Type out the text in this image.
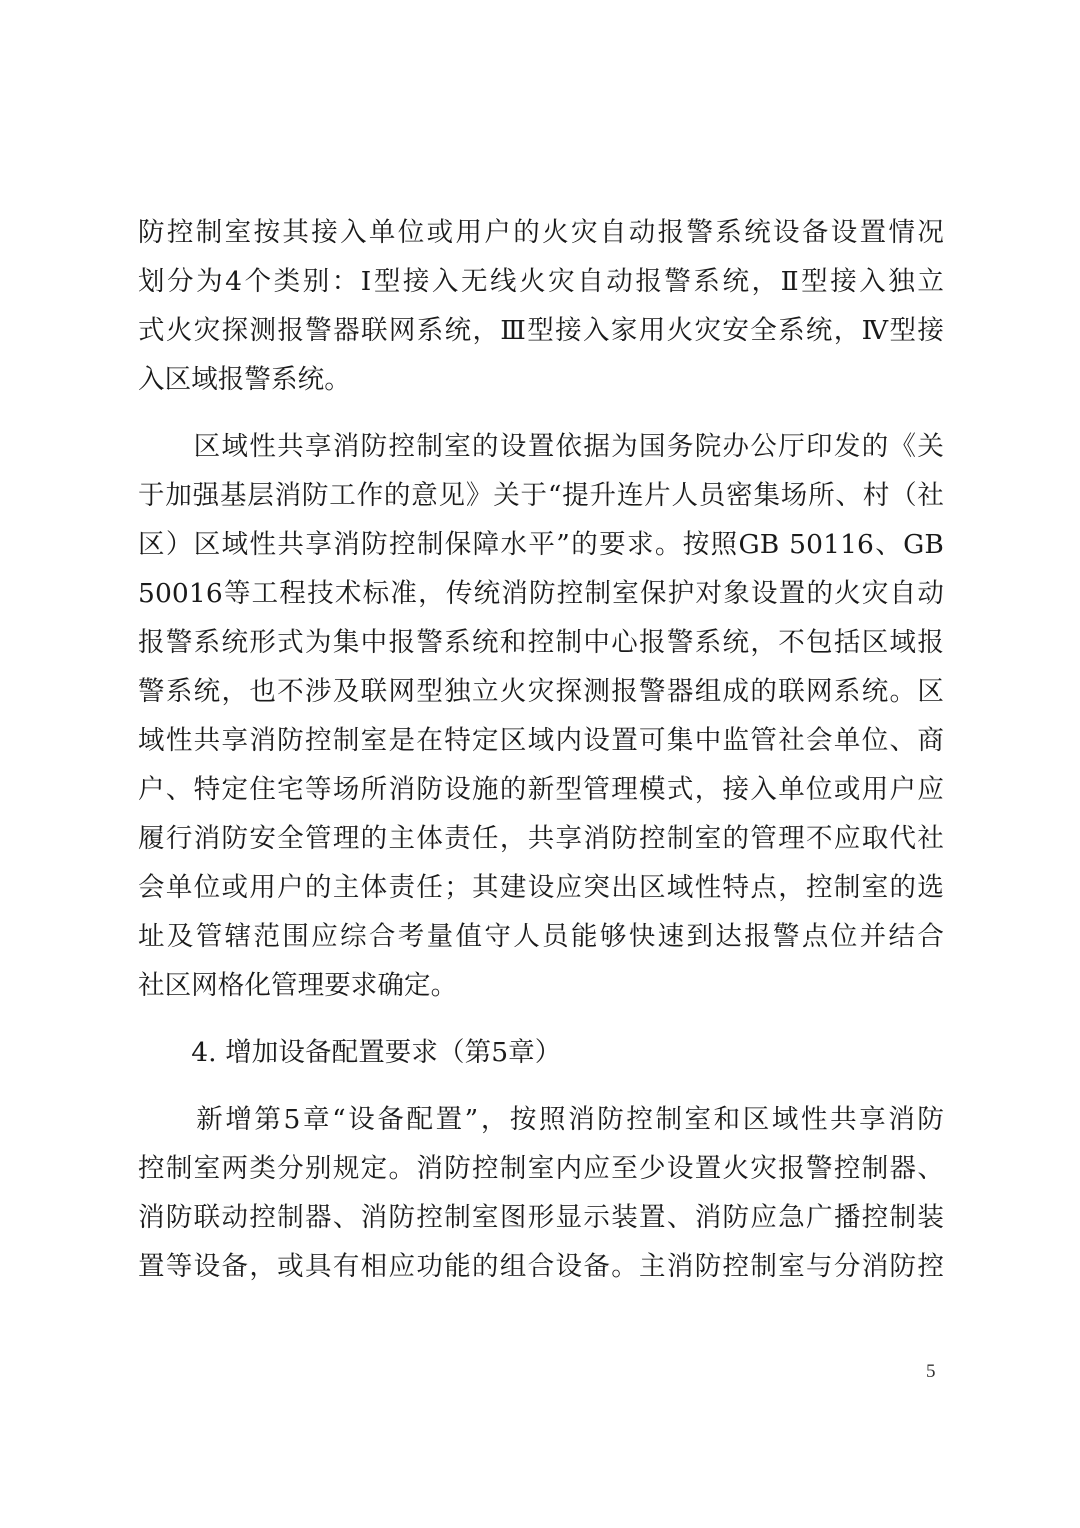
防控制室按其接入单位或用户的火灾自动报警系统设备设置情况
划分为4个类别：Ⅰ型接入无线火灾自动报警系统，Ⅱ型接入独立
式火灾探测报警器联网系统，Ⅲ型接入家用火灾安全系统，Ⅳ型接
入区域报警系统。
　　区域性共享消防控制室的设置依据为国务院办公厅印发的《关
于加强基层消防工作的意见》关于“提升连片人员密集场所、村（社
区）区域性共享消防控制保障水平”的要求。按照GB 50116、GB
50016等工程技术标准，传统消防控制室保护对象设置的火灾自动
报警系统形式为集中报警系统和控制中心报警系统，不包括区域报
警系统，也不涉及联网型独立火灾探测报警器组成的联网系统。区
域性共享消防控制室是在特定区域内设置可集中监管社会单位、商
户、特定住宅等场所消防设施的新型管理模式，接入单位或用户应
履行消防安全管理的主体责任，共享消防控制室的管理不应取代社
会单位或用户的主体责任；其建设应突出区域性特点，控制室的选
址及管辖范围应综合考量值守人员能够快速到达报警点位并结合
社区网格化管理要求确定。
　　4. 增加设备配置要求（第5章）
　　新增第5章“设备配置”，按照消防控制室和区域性共享消防
控制室两类分别规定。消防控制室内应至少设置火灾报警控制器、
消防联动控制器、消防控制室图形显示装置、消防应急广播控制装
置等设备，或具有相应功能的组合设备。主消防控制室与分消防控
5
